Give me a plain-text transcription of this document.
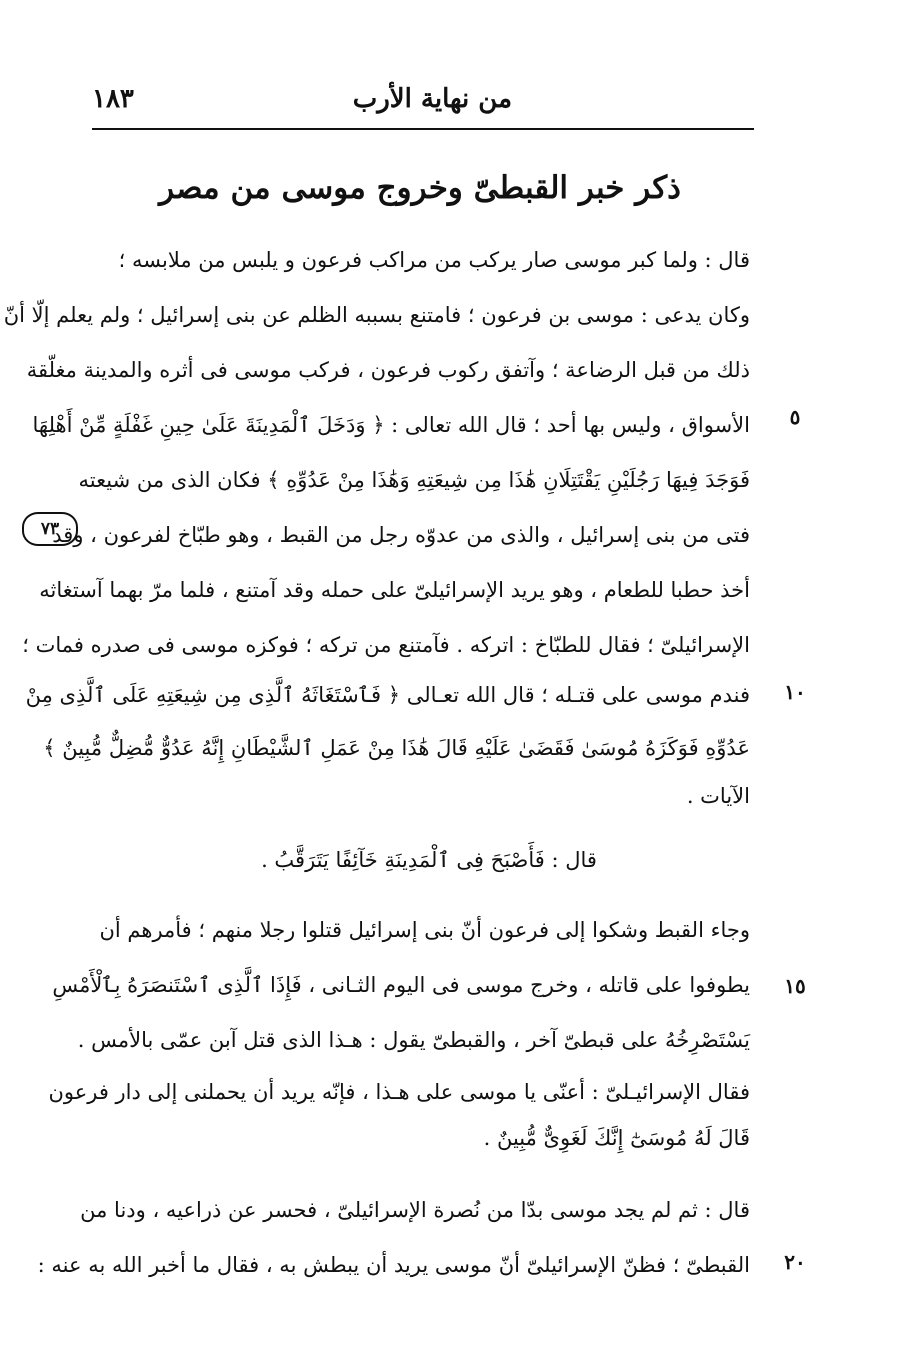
من نهاية الأرب
١٨٣
ذكر خبر القبطىّ وخروج موسى من مصر
٧٣
٥
١٠
١٥
٢٠
قال : ولما كبر موسى صار يركب من مراكب فرعون و يلبس من ملابسه ؛
وكان يدعى : موسى بن فرعون ؛ فامتنع بسببه الظلم عن بنى إسرائيل ؛ ولم يعلم إلّا أنّ
ذلك من قبل الرضاعة ؛ وآتفق ركوب فرعون ، فركب موسى فى أثره والمدينة مغلّقة
الأسواق ، وليس بها أحد ؛ قال الله تعالى : ﴿ وَدَخَلَ ٱلْمَدِينَةَ عَلَىٰ حِينِ غَفْلَةٍ مِّنْ أَهْلِهَا
فَوَجَدَ فِيهَا رَجُلَيْنِ يَقْتَتِلَانِ هَٰذَا مِن شِيعَتِهِ وَهَٰذَا مِنْ عَدُوِّهِ ﴾ فكان الذى من شيعته
فتى من بنى إسرائيل ، والذى من عدوّه رجل من القبط ، وهو طبّاخ لفرعون ، وقد
أخذ حطبا للطعام ، وهو يريد الإسرائيلىّ على حمله وقد آمتنع ، فلما مرّ بهما آستغاثه
الإسرائيلىّ ؛ فقال للطبّاخ : اتركه . فآمتنع من تركه ؛ فوكزه موسى فى صدره فمات ؛
فندم موسى على قتـله ؛ قال الله تعـالى ﴿ فَٱسْتَغَاثَهُ ٱلَّذِى مِن شِيعَتِهِ عَلَى ٱلَّذِى مِنْ
عَدُوِّهِ فَوَكَزَهُ مُوسَىٰ فَقَضَىٰ عَلَيْهِ قَالَ هَٰذَا مِنْ عَمَلِ ٱلشَّيْطَانِ إِنَّهُ عَدُوٌّ مُّضِلٌّ مُّبِينٌ ﴾
الآيات .
قال : فَأَصْبَحَ فِى ٱلْمَدِينَةِ خَآئِفًا يَتَرَقَّبُ .
وجاء القبط وشكوا إلى فرعون أنّ بنى إسرائيل قتلوا رجلا منهم ؛ فأمرهم أن
يطوفوا على قاتله ، وخرج موسى فى اليوم الثـانى ، فَإِذَا ٱلَّذِى ٱسْتَنصَرَهُ بِٱلْأَمْسِ
يَسْتَصْرِخُهُ على قبطىّ آخر ، والقبطىّ يقول : هـذا الذى قتل آبن عمّى بالأمس .
فقال الإسرائيـلىّ : أعنّى يا موسى على هـذا ، فإنّه يريد أن يحملنى إلى دار فرعون
قَالَ لَهُ مُوسَىٰٓ إِنَّكَ لَغَوِىٌّ مُّبِينٌ .
قال : ثم لم يجد موسى بدّا من نُصرة الإسرائيلىّ ، فحسر عن ذراعيه ، ودنا من
القبطىّ ؛ فظنّ الإسرائيلىّ أنّ موسى يريد أن يبطش به ، فقال ما أخبر الله به عنه :
